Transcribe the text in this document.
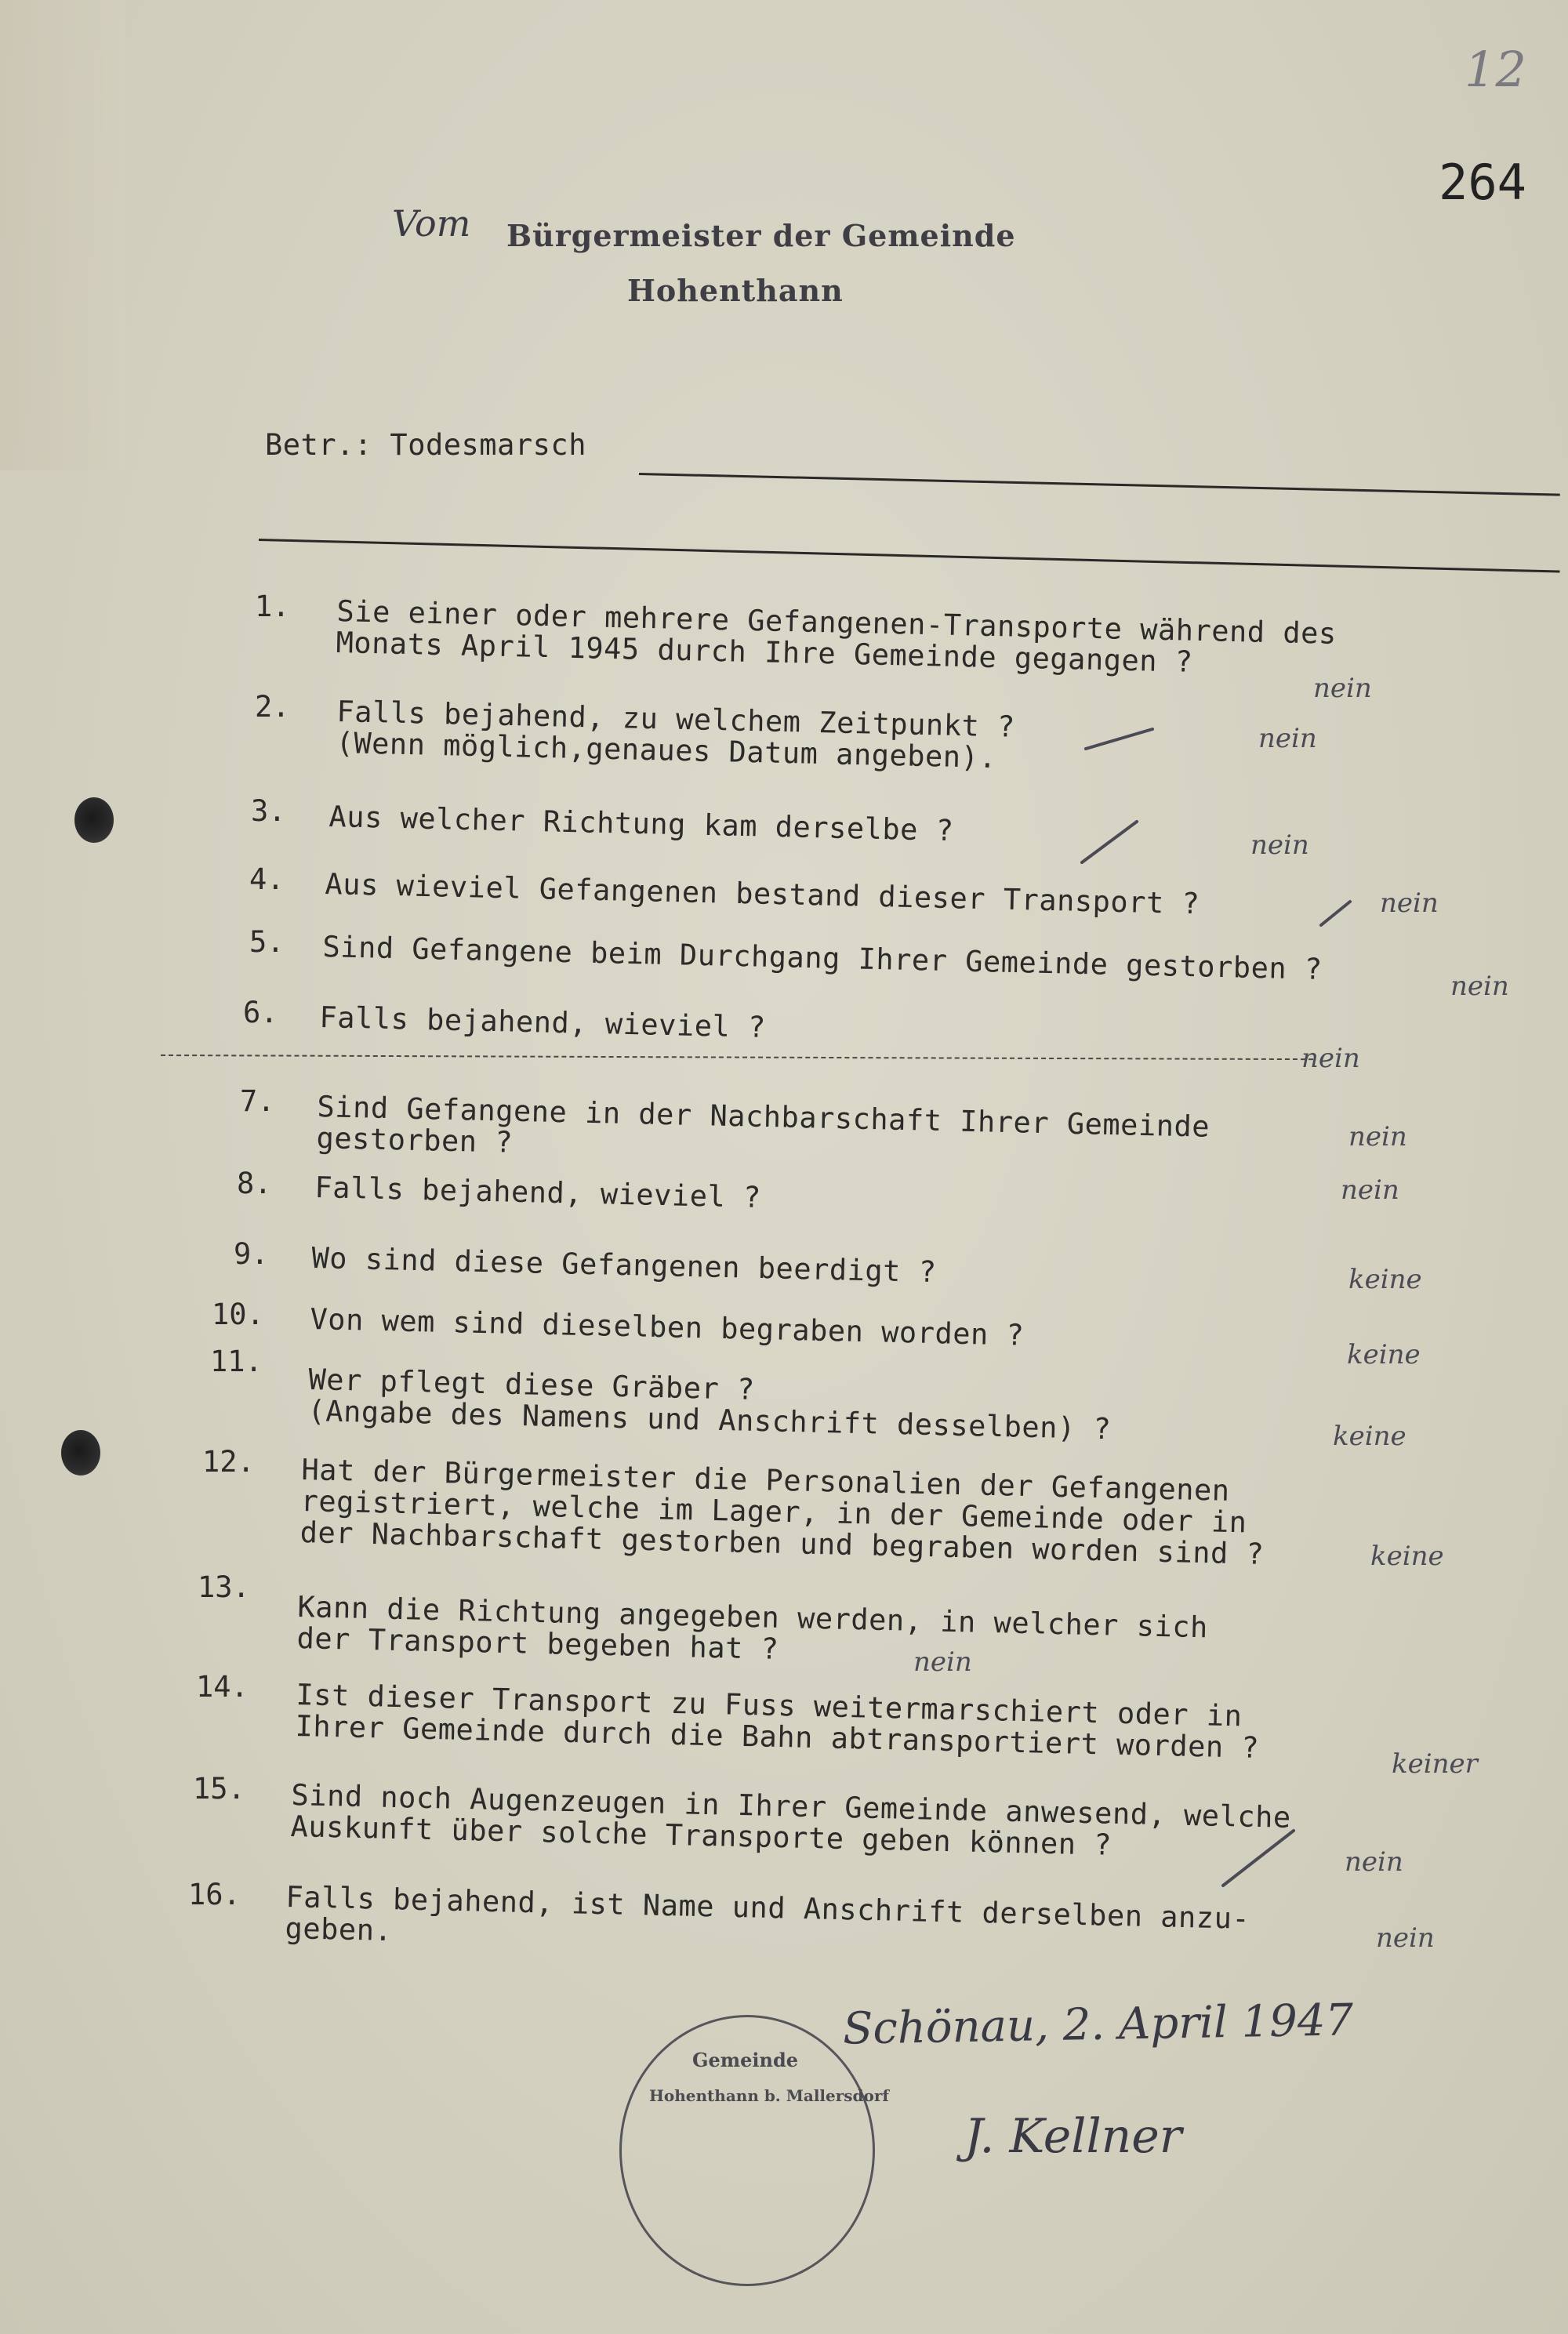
12
264
Vom Bürgermeister der Gemeinde
Hohenthann
Betr.: Todesmarsch
1. Sie einer oder mehrere Gefangenen-Transporte während des
Monats April 1945 durch Ihre Gemeinde gegangen ?
nein
2. Falls bejahend, zu welchem Zeitpunkt ?
(Wenn möglich,genaues Datum angeben).	nein
3. Aus welcher Richtung kam derselbe ?	nein
4. Aus wieviel Gefangenen bestand dieser Transport ?	nein
5. Sind Gefangene beim Durchgang Ihrer Gemeinde gestorben ?
nein
6. Falls bejahend, wieviel ?
nein
7. Sind Gefangene in der Nachbarschaft Ihrer Gemeinde
gestorben ?	nein
8. Falls bejahend, wieviel ?	nein
9. Wo sind diese Gefangenen beerdigt ?	keine
10. Von wem sind dieselben begraben worden ?
keine
11.
Wer pflegt diese Gräber ?
(Angabe des Namens und Anschrift desselben) ?	keine
12. Hat der Bürgermeister die Personalien der Gefangenen
registriert, welche im Lager, in der Gemeinde oder in
der Nachbarschaft gestorben und begraben worden sind ?	keine
13.
Kann die Richtung angegeben werden, in welcher sich
der Transport begeben hat ?	nein
14. Ist dieser Transport zu Fuss weitermarschiert oder in
Ihrer Gemeinde durch die Bahn abtransportiert worden ?	keiner
15. Sind noch Augenzeugen in Ihrer Gemeinde anwesend, welche
Auskunft über solche Transporte geben können ?
nein
16. Falls bejahend, ist Name und Anschrift derselben anzu-
geben.	nein
Schönau, 2. April 1947
J. Kellner
Gemeinde
Hohenthann b. Mallersdorf
